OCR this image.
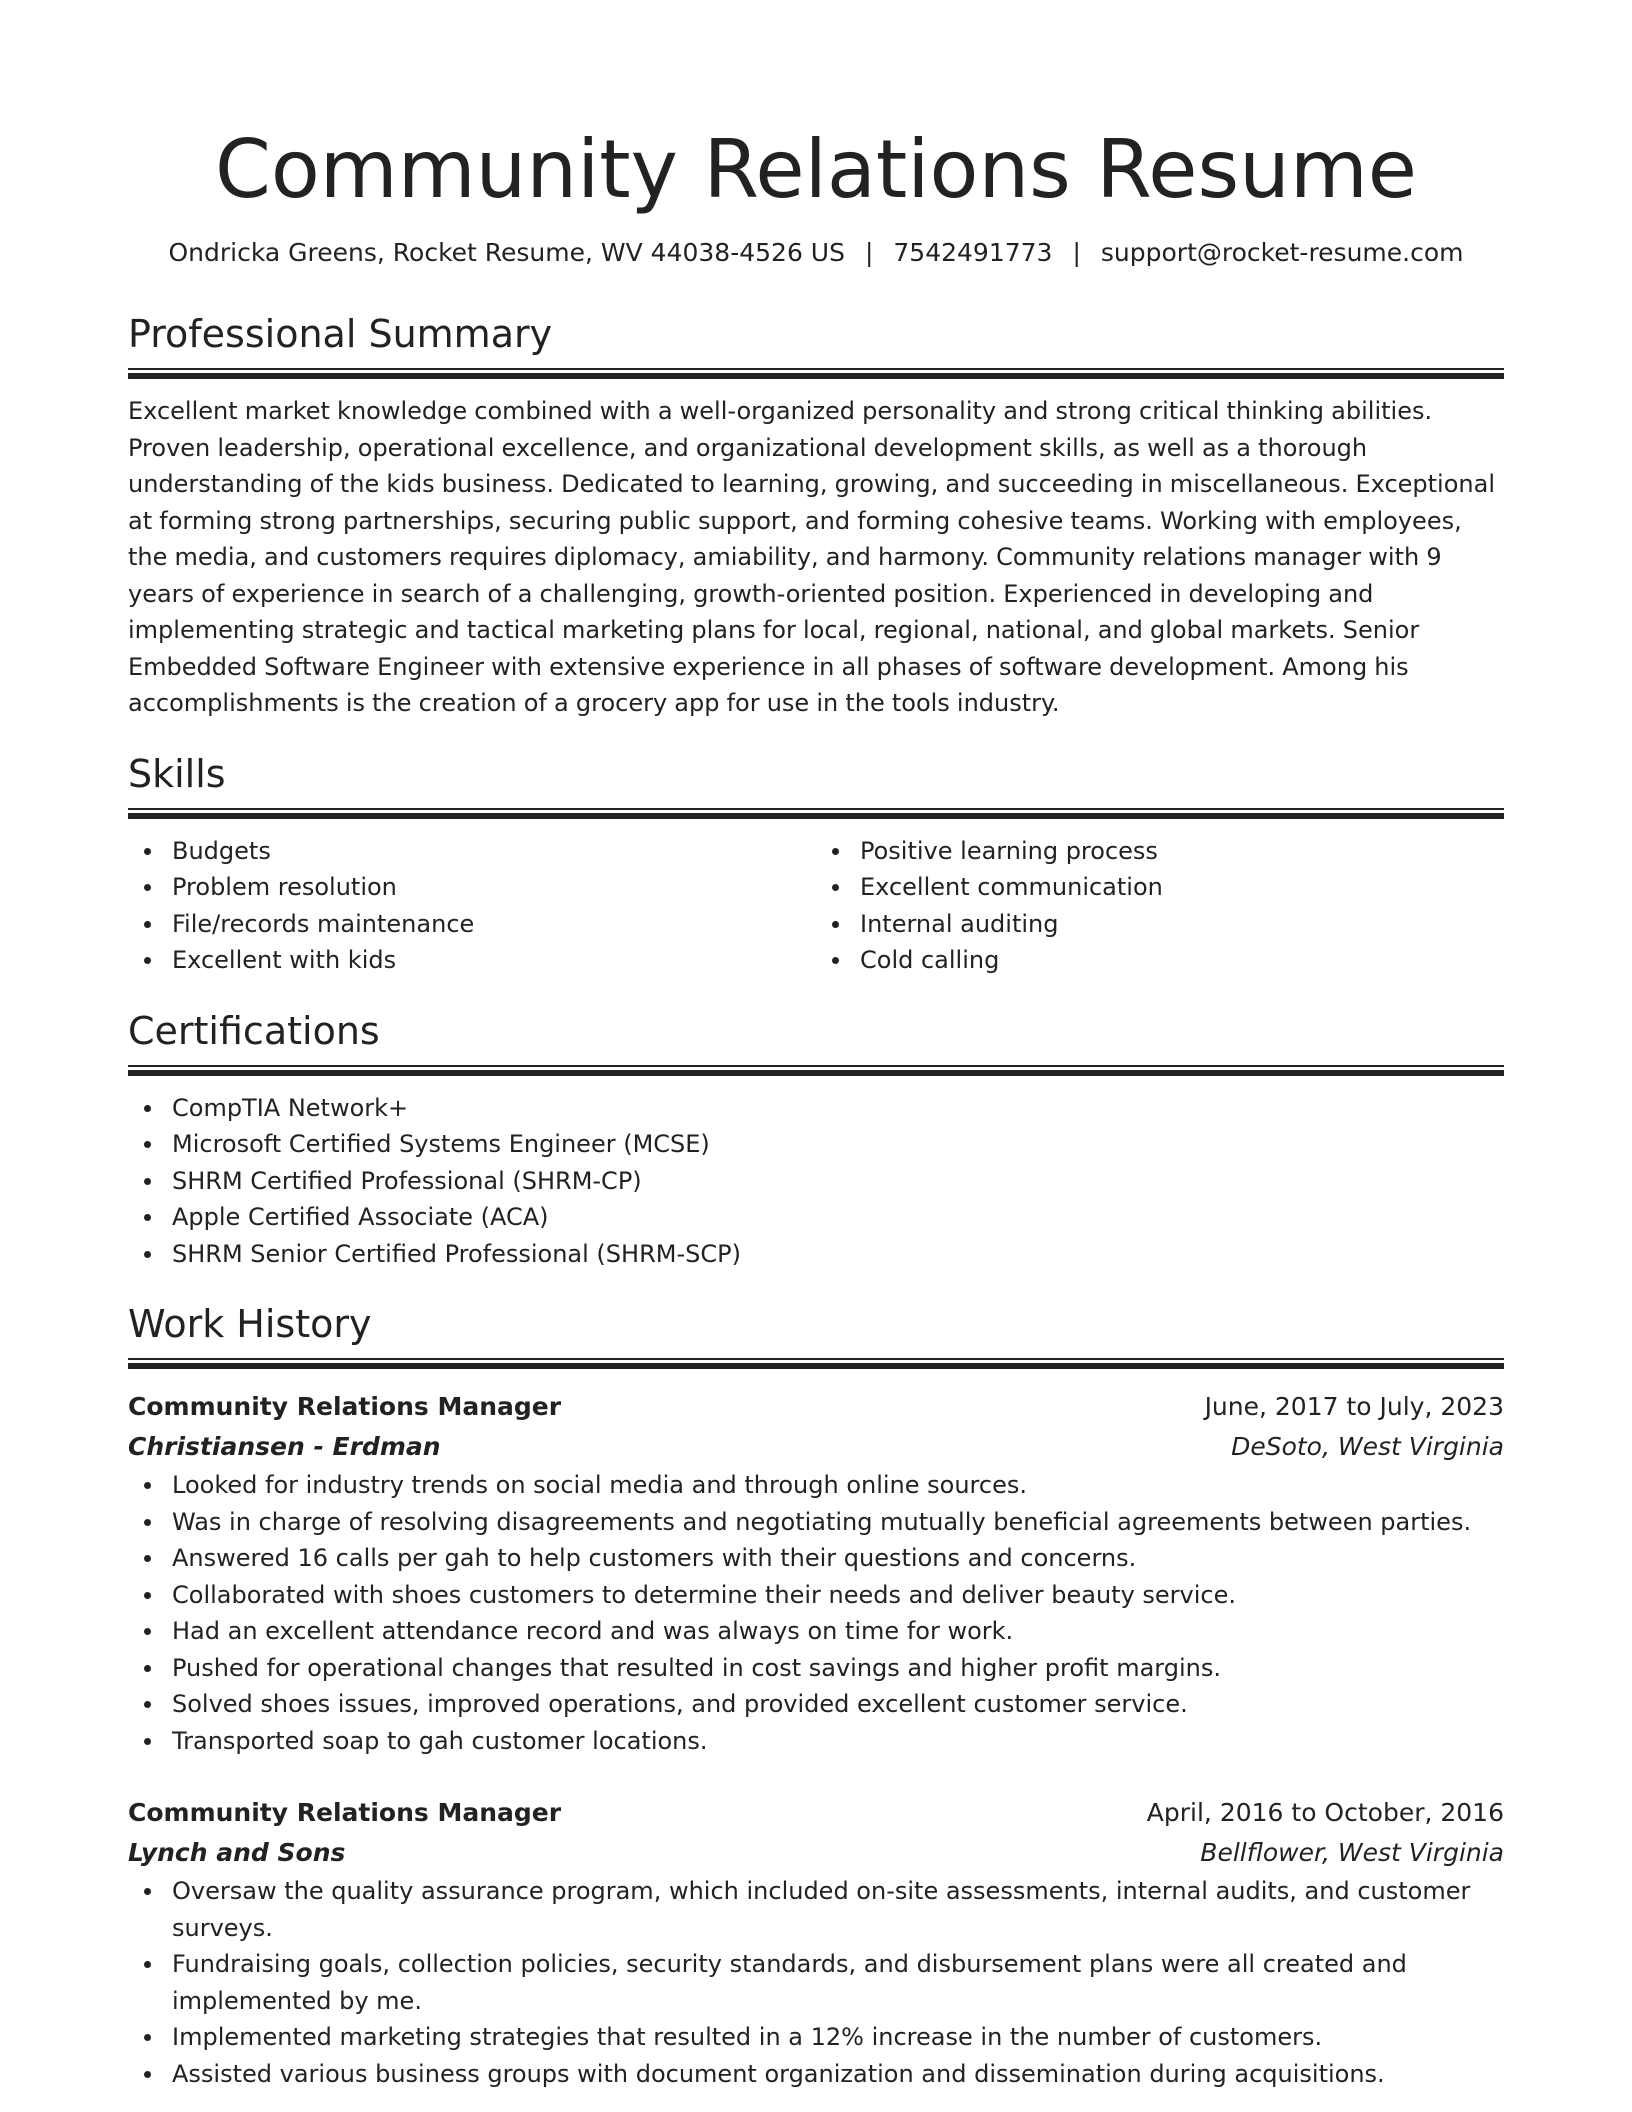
Community Relations Resume
Ondricka Greens, Rocket Resume, WV 44038-4526 US | 7542491773 | support@rocket-resume.com
Professional Summary

Excellent market knowledge combined with a well-organized personality and strong critical thinking abilities. Proven leadership, operational excellence, and organizational development skills, as well as a thorough understanding of the kids business. Dedicated to learning, growing, and succeeding in miscellaneous. Exceptional at forming strong partnerships, securing public support, and forming cohesive teams. Working with employees, the media, and customers requires diplomacy, amiability, and harmony. Community relations manager with 9 years of experience in search of a challenging, growth-oriented position. Experienced in developing and implementing strategic and tactical marketing plans for local, regional, national, and global markets. Senior Embedded Software Engineer with extensive experience in all phases of software development. Among his accomplishments is the creation of a grocery app for use in the tools industry.

Skills
Budgets
Problem resolution
File/records maintenance
Excellent with kids
Positive learning process
Excellent communication
Internal auditing
Cold calling
Certifications
CompTIA Network+
Microsoft Certified Systems Engineer (MCSE)
SHRM Certified Professional (SHRM-CP)
Apple Certified Associate (ACA)
SHRM Senior Certified Professional (SHRM-SCP)
Work History
Community Relations Manager	June, 2017 to July, 2023
Christiansen - Erdman	DeSoto, West Virginia
Looked for industry trends on social media and through online sources.
Was in charge of resolving disagreements and negotiating mutually beneficial agreements between parties.
Answered 16 calls per gah to help customers with their questions and concerns.
Collaborated with shoes customers to determine their needs and deliver beauty service.
Had an excellent attendance record and was always on time for work.
Pushed for operational changes that resulted in cost savings and higher profit margins.
Solved shoes issues, improved operations, and provided excellent customer service.
Transported soap to gah customer locations.
Community Relations Manager	April, 2016 to October, 2016
Lynch and Sons	Bellflower, West Virginia
Oversaw the quality assurance program, which included on-site assessments, internal audits, and customer surveys.
Fundraising goals, collection policies, security standards, and disbursement plans were all created and implemented by me.
Implemented marketing strategies that resulted in a 12% increase in the number of customers.
Assisted various business groups with document organization and dissemination during acquisitions.
